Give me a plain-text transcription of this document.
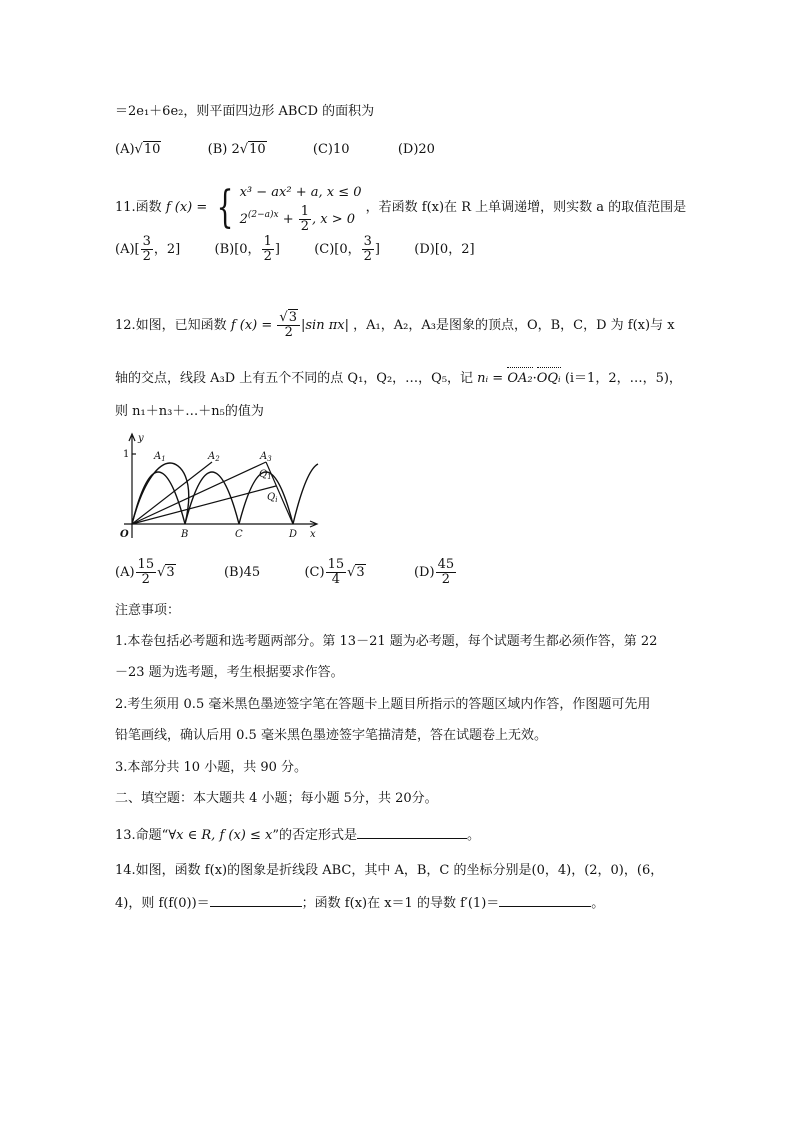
＝2e₁＋6e₂，则平面四边形 ABCD 的面积为
(A)√10	(B) 2√10	(C)10	(D)20
11.函数 f (x) = { x³ − ax² + a, x ≤ 0
$2^{(2-a)x} + \frac{1}{2}$ , x > 0
，若函数 f(x)在 R 上单调递增，则实数 a 的取值范围是
$(A)[ \frac{3}{2}$ ，2]	(B)[0， $\frac{1}{2}$ ]	(C)[0， $\frac{3}{2}$ ]	(D)[0，2]
12.如图，已知函数 f $(x) = \frac{√3}{2} |\sin$ πx| ，A₁，A₂，A₃是图象的顶点，O，B，C，D 为 f(x)与 x
轴的交点，线段 A₃D 上有五个不同的点 Q₁，Q₂，…，Q₅，记 nᵢ = OA₂·OQᵢ (i＝1，2，…，5)，
则 n₁＋n₃＋…＋n₅的值为
y
x
1
O	B	C	D
$A_1$	$A_2$	$A_3$
$Q_1$
$Q_i$
$(A) \frac{15}{2} √3$	(B)45	$(C) \frac{15}{4} √3$	$(D) \frac{45}{2}$
注意事项：
1.本卷包括必考题和选考题两部分。第 13－21 题为必考题，每个试题考生都必须作答，第 22
－23 题为选考题，考生根据要求作答。
2.考生须用 0.5 毫米黑色墨迹签字笔在答题卡上题目所指示的答题区域内作答，作图题可先用
铅笔画线，确认后用 0.5 毫米黑色墨迹签字笔描清楚，答在试题卷上无效。
3.本部分共 10 小题，共 90 分。
二、填空题：本大题共 4 小题；每小题 5分，共 20分。
13.命题“∀x ∈ R, f (x) ≤ x”的否定形式是	。
14.如图，函数 f(x)的图象是折线段 ABC，其中 A，B，C 的坐标分别是(0，4)，(2，0)，(6，
4)，则 f(f(0))＝	；函数 f(x)在 x＝1 的导数 f′(1)＝	。
